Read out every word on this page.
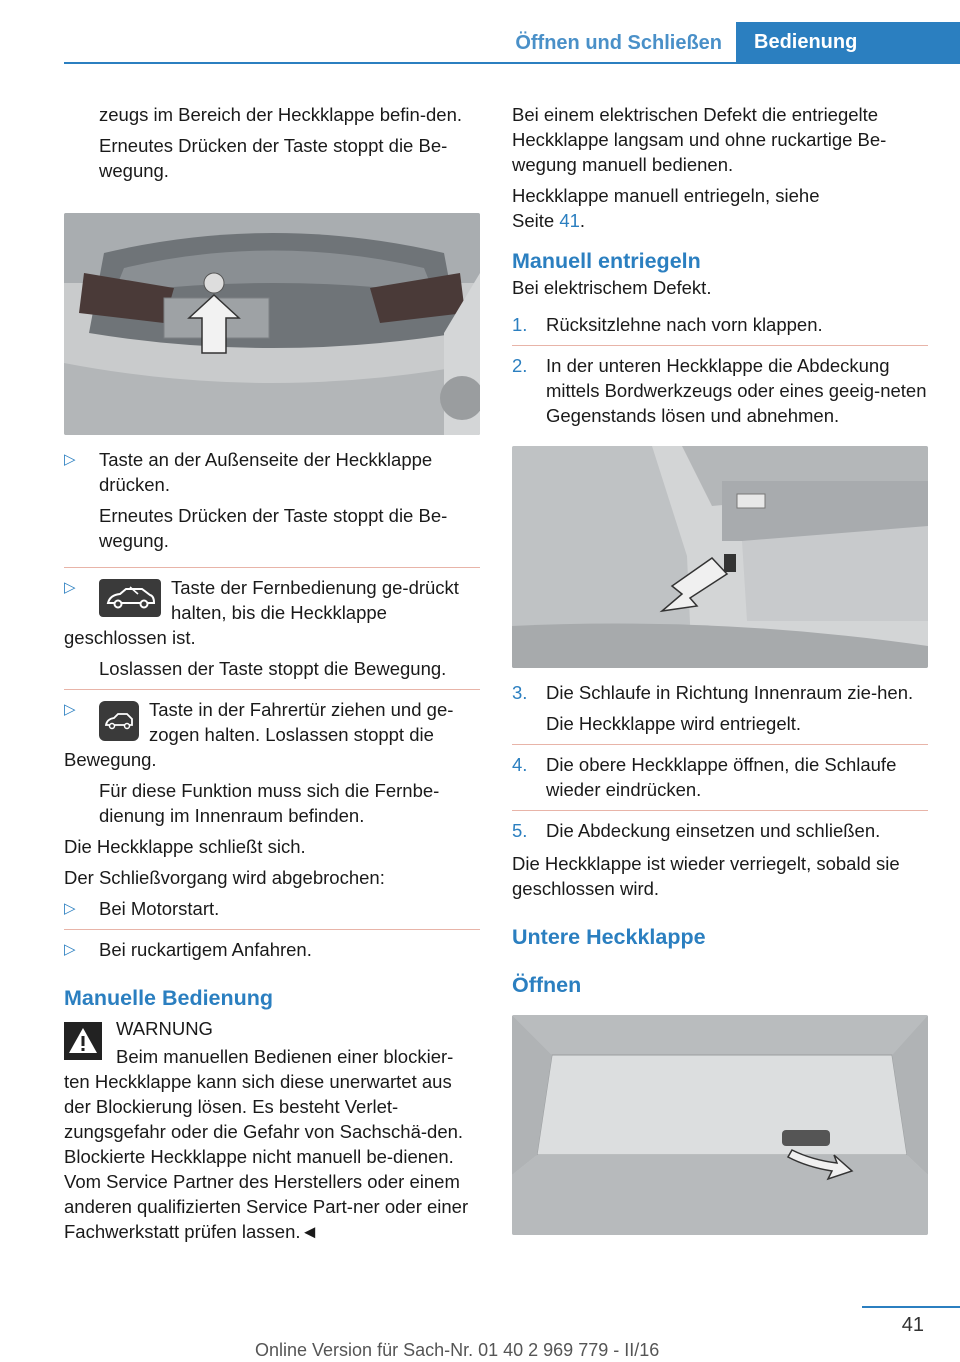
Öffnen und Schließen	Bedienung

zeugs im Bereich der Heckklappe befin-den.

Erneutes Drücken der Taste stoppt die Be-wegung.

▷	Taste an der Außenseite der Heckklappe drücken.

Erneutes Drücken der Taste stoppt die Be-wegung.

▷	Taste der Fernbedienung ge-drückt halten, bis die Heckklappe

geschlossen ist.

Loslassen der Taste stoppt die Bewegung.

▷	Taste in der Fahrertür ziehen und ge-zogen halten. Loslassen stoppt die

Bewegung.

Für diese Funktion muss sich die Fernbe-dienung im Innenraum befinden.

Die Heckklappe schließt sich.

Der Schließvorgang wird abgebrochen:

▷	Bei Motorstart.
▷	Bei ruckartigem Anfahren.
Manuelle Bedienung

WARNUNG

Beim manuellen Bedienen einer blockier-

ten Heckklappe kann sich diese unerwartet aus der Blockierung lösen. Es besteht Verlet-zungsgefahr oder die Gefahr von Sachschä-den. Blockierte Heckklappe nicht manuell be-dienen. Vom Service Partner des Herstellers oder einem anderen qualifizierten Service Part-ner oder einer Fachwerkstatt prüfen lassen.◄

Bei einem elektrischen Defekt die entriegelte Heckklappe langsam und ohne ruckartige Be-wegung manuell bedienen.

Heckklappe manuell entriegeln, siehe
Seite 41.

Manuell entriegeln

Bei elektrischem Defekt.

1.	Rücksitzlehne nach vorn klappen.
2.	In der unteren Heckklappe die Abdeckung mittels Bordwerkzeugs oder eines geeig-neten Gegenstands lösen und abnehmen.
3.	Die Schlaufe in Richtung Innenraum zie-hen.

Die Heckklappe wird entriegelt.

4.	Die obere Heckklappe öffnen, die Schlaufe wieder eindrücken.
5.	Die Abdeckung einsetzen und schließen.

Die Heckklappe ist wieder verriegelt, sobald sie geschlossen wird.

Untere Heckklappe
Öffnen
41
Online Version für Sach-Nr. 01 40 2 969 779 - II/16
